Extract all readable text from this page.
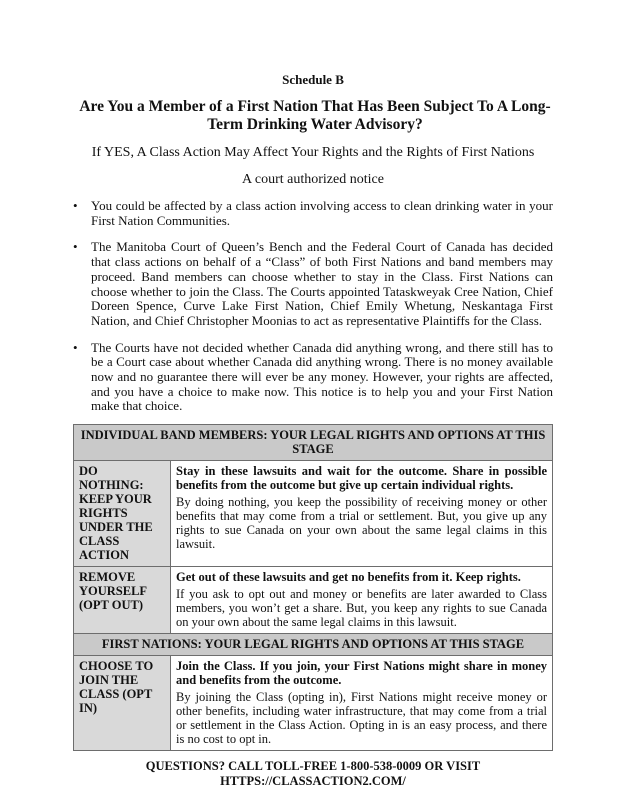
Schedule B
Are You a Member of a First Nation That Has Been Subject To A Long-Term Drinking Water Advisory?
If YES, A Class Action May Affect Your Rights and the Rights of First Nations
A court authorized notice
• You could be affected by a class action involving access to clean drinking water in your First Nation Communities.
• The Manitoba Court of Queen’s Bench and the Federal Court of Canada has decided that class actions on behalf of a “Class” of both First Nations and band members may proceed. Band members can choose whether to stay in the Class. First Nations can choose whether to join the Class. The Courts appointed Tataskweyak Cree Nation, Chief Doreen Spence, Curve Lake First Nation, Chief Emily Whetung, Neskantaga First Nation, and Chief Christopher Moonias to act as representative Plaintiffs for the Class.
• The Courts have not decided whether Canada did anything wrong, and there still has to be a Court case about whether Canada did anything wrong. There is no money available now and no guarantee there will ever be any money. However, your rights are affected, and you have a choice to make now. This notice is to help you and your First Nation make that choice.
INDIVIDUAL BAND MEMBERS: YOUR LEGAL RIGHTS AND OPTIONS AT THIS STAGE	
DO NOTHING: KEEP YOUR RIGHTS UNDER THE CLASS ACTION	Stay in these lawsuits and wait for the outcome. Share in possible benefits from the outcome but give up certain individual rights.
By doing nothing, you keep the possibility of receiving money or other benefits that may come from a trial or settlement. But, you give up any rights to sue Canada on your own about the same legal claims in this lawsuit.

REMOVE YOURSELF (OPT OUT)	Get out of these lawsuits and get no benefits from it. Keep rights.
If you ask to opt out and money or benefits are later awarded to Class members, you won’t get a share. But, you keep any rights to sue Canada on your own about the same legal claims in this lawsuit.

FIRST NATIONS: YOUR LEGAL RIGHTS AND OPTIONS AT THIS STAGE	
CHOOSE TO JOIN THE CLASS (OPT IN)	Join the Class. If you join, your First Nations might share in money and benefits from the outcome.
By joining the Class (opting in), First Nations might receive money or other benefits, including water infrastructure, that may come from a trial or settlement in the Class Action. Opting in is an easy process, and there is no cost to opt in.
QUESTIONS? CALL TOLL-FREE 1-800-538-0009 OR VISIT
HTTPS://CLASSACTION2.COM/
